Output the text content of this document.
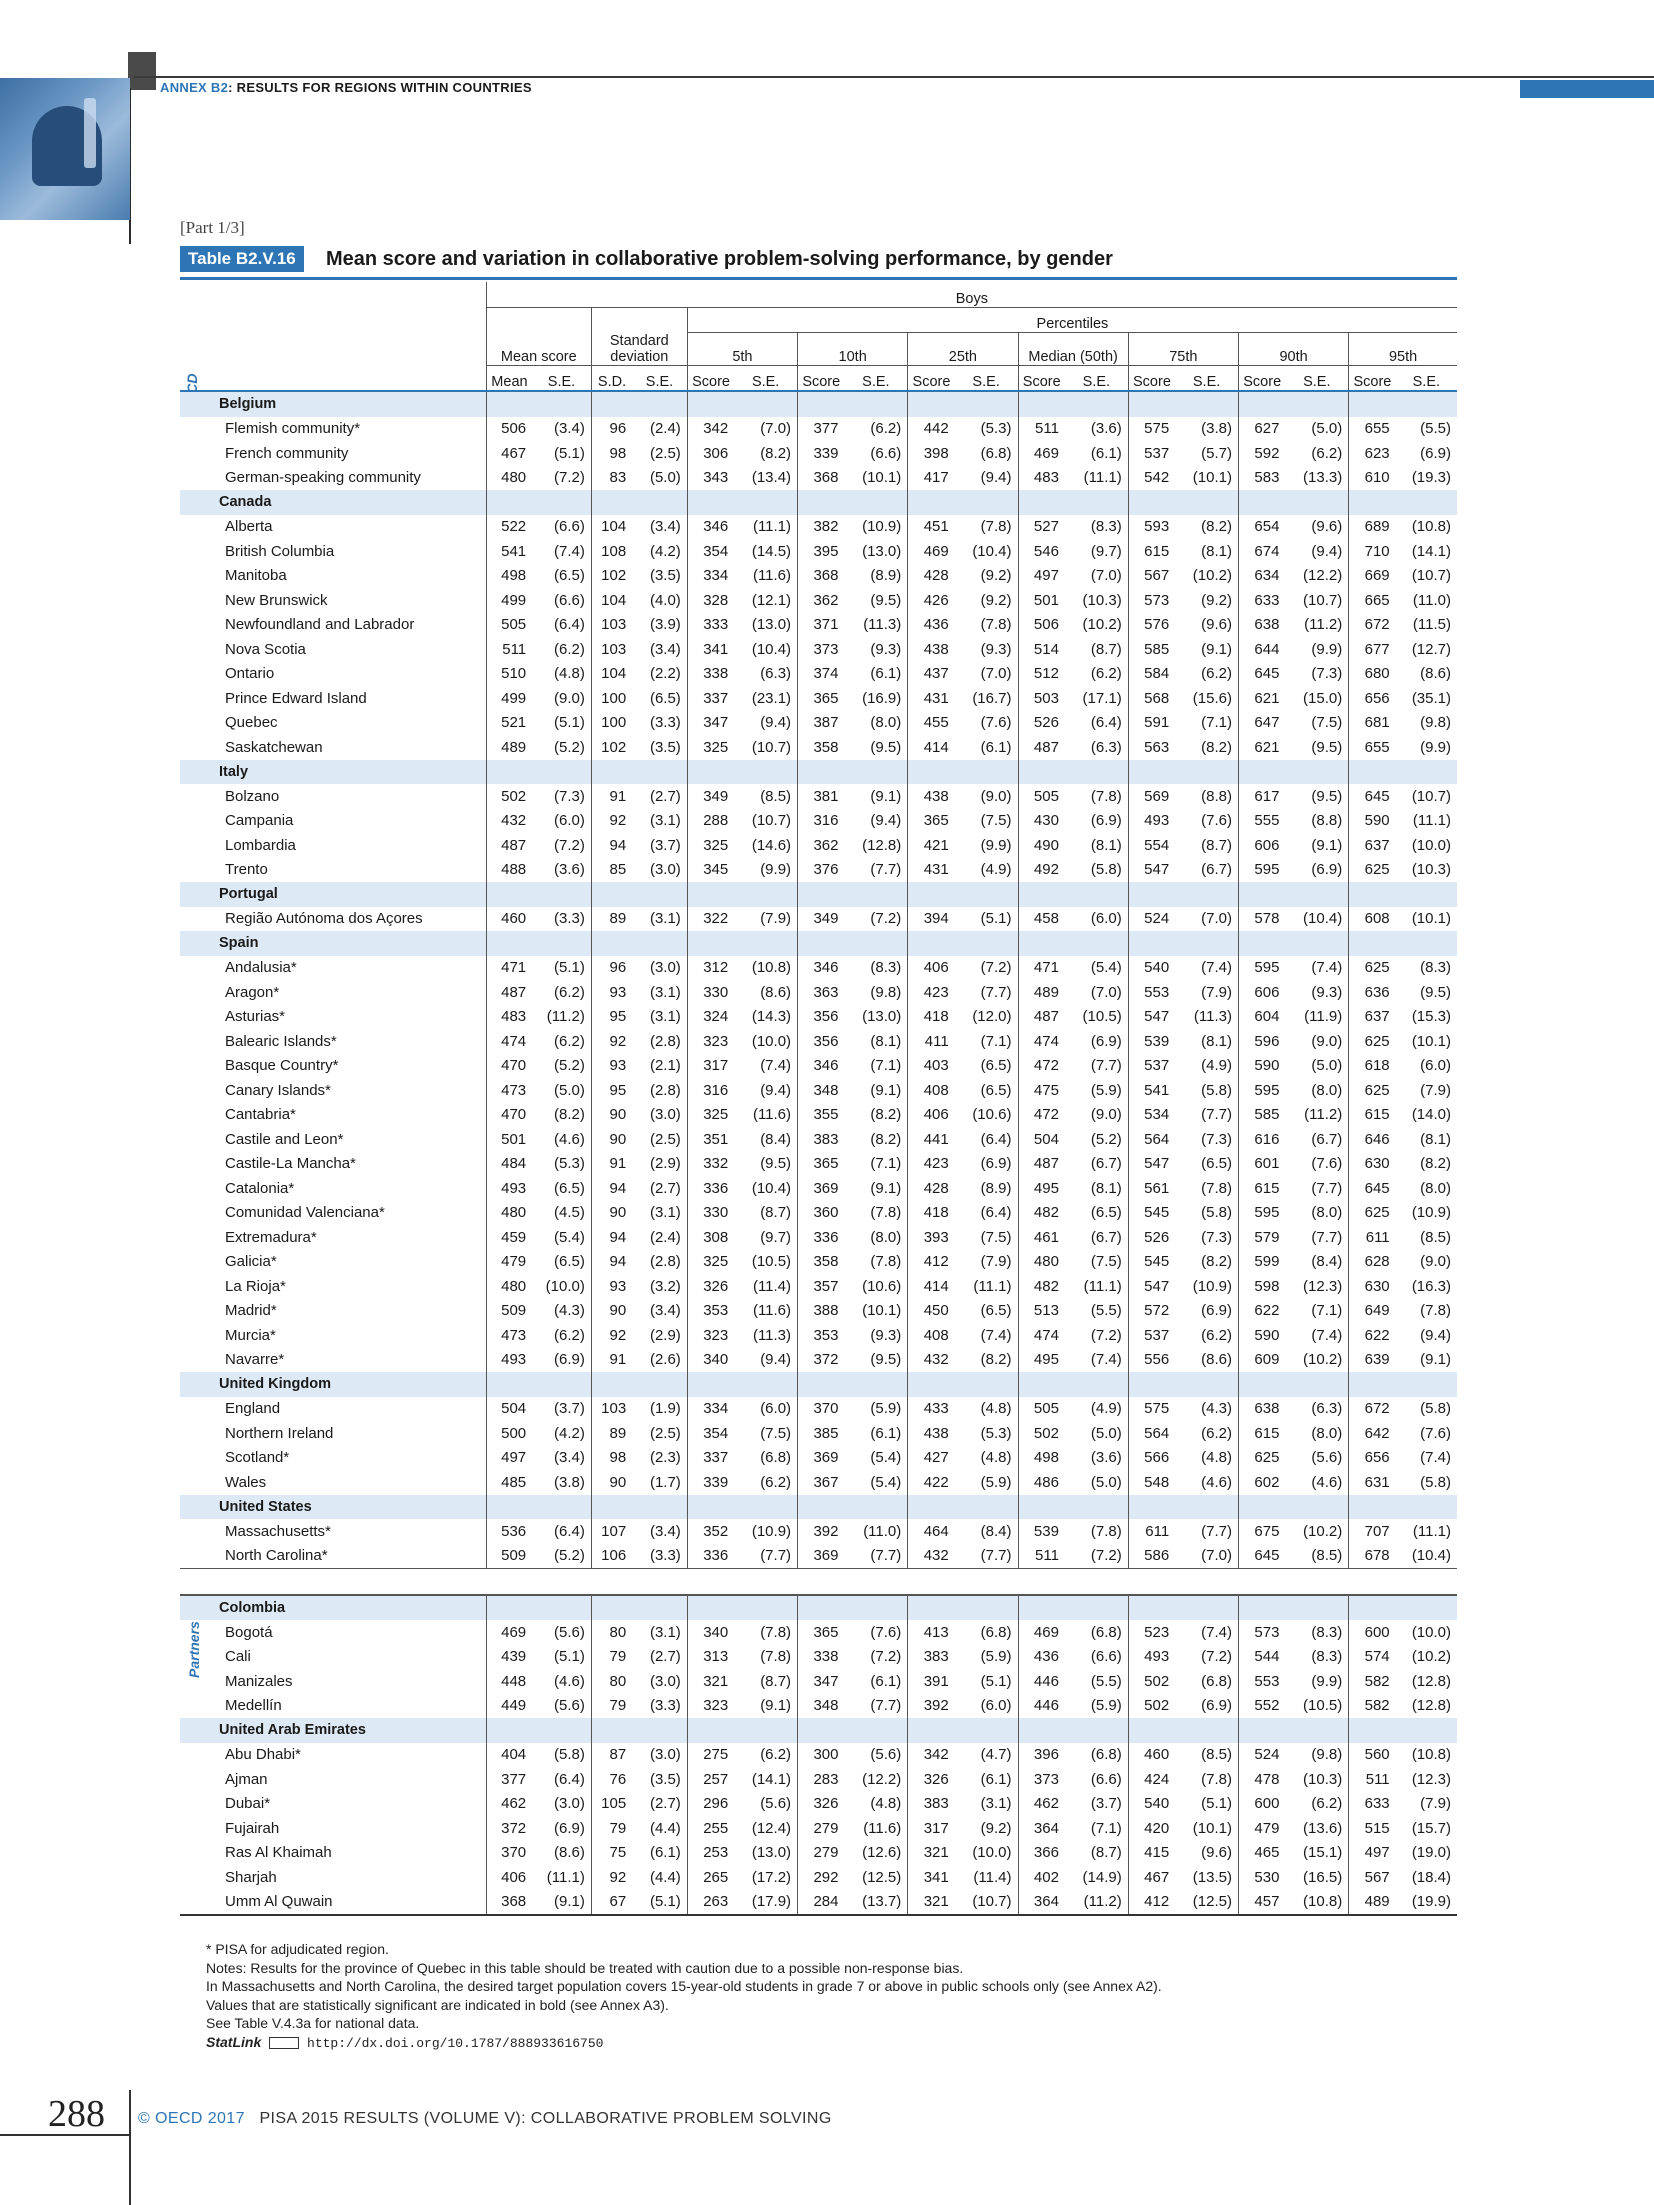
ANNEX B2: RESULTS FOR REGIONS WITHIN COUNTRIES
[Part 1/3]
Table B2.V.16	Mean score and variation in collaborative problem-solving performance, by gender
Partners
	Boys																	
					Percentiles													
	Mean score		Standard deviation		5th		10th		25th		Median (50th)		75th		90th		95th	
	Mean	S.E.	S.D.	S.E.	Score	S.E.	Score	S.E.	Score	S.E.	Score	S.E.	Score	S.E.	Score	S.E.	Score	S.E.
Belgium																		
Flemish community*	506	(3.4)	96	(2.4)	342	(7.0)	377	(6.2)	442	(5.3)	511	(3.6)	575	(3.8)	627	(5.0)	655	(5.5)
French community	467	(5.1)	98	(2.5)	306	(8.2)	339	(6.6)	398	(6.8)	469	(6.1)	537	(5.7)	592	(6.2)	623	(6.9)
German-speaking community	480	(7.2)	83	(5.0)	343	(13.4)	368	(10.1)	417	(9.4)	483	(11.1)	542	(10.1)	583	(13.3)	610	(19.3)
Canada																		
Alberta	522	(6.6)	104	(3.4)	346	(11.1)	382	(10.9)	451	(7.8)	527	(8.3)	593	(8.2)	654	(9.6)	689	(10.8)
British Columbia	541	(7.4)	108	(4.2)	354	(14.5)	395	(13.0)	469	(10.4)	546	(9.7)	615	(8.1)	674	(9.4)	710	(14.1)
Manitoba	498	(6.5)	102	(3.5)	334	(11.6)	368	(8.9)	428	(9.2)	497	(7.0)	567	(10.2)	634	(12.2)	669	(10.7)
New Brunswick	499	(6.6)	104	(4.0)	328	(12.1)	362	(9.5)	426	(9.2)	501	(10.3)	573	(9.2)	633	(10.7)	665	(11.0)
Newfoundland and Labrador	505	(6.4)	103	(3.9)	333	(13.0)	371	(11.3)	436	(7.8)	506	(10.2)	576	(9.6)	638	(11.2)	672	(11.5)
Nova Scotia	511	(6.2)	103	(3.4)	341	(10.4)	373	(9.3)	438	(9.3)	514	(8.7)	585	(9.1)	644	(9.9)	677	(12.7)
Ontario	510	(4.8)	104	(2.2)	338	(6.3)	374	(6.1)	437	(7.0)	512	(6.2)	584	(6.2)	645	(7.3)	680	(8.6)
Prince Edward Island	499	(9.0)	100	(6.5)	337	(23.1)	365	(16.9)	431	(16.7)	503	(17.1)	568	(15.6)	621	(15.0)	656	(35.1)
Quebec	521	(5.1)	100	(3.3)	347	(9.4)	387	(8.0)	455	(7.6)	526	(6.4)	591	(7.1)	647	(7.5)	681	(9.8)
Saskatchewan	489	(5.2)	102	(3.5)	325	(10.7)	358	(9.5)	414	(6.1)	487	(6.3)	563	(8.2)	621	(9.5)	655	(9.9)
Italy																		
Bolzano	502	(7.3)	91	(2.7)	349	(8.5)	381	(9.1)	438	(9.0)	505	(7.8)	569	(8.8)	617	(9.5)	645	(10.7)
Campania	432	(6.0)	92	(3.1)	288	(10.7)	316	(9.4)	365	(7.5)	430	(6.9)	493	(7.6)	555	(8.8)	590	(11.1)
Lombardia	487	(7.2)	94	(3.7)	325	(14.6)	362	(12.8)	421	(9.9)	490	(8.1)	554	(8.7)	606	(9.1)	637	(10.0)
Trento	488	(3.6)	85	(3.0)	345	(9.9)	376	(7.7)	431	(4.9)	492	(5.8)	547	(6.7)	595	(6.9)	625	(10.3)
Portugal																		
Região Autónoma dos Açores	460	(3.3)	89	(3.1)	322	(7.9)	349	(7.2)	394	(5.1)	458	(6.0)	524	(7.0)	578	(10.4)	608	(10.1)
Spain																		
Andalusia*	471	(5.1)	96	(3.0)	312	(10.8)	346	(8.3)	406	(7.2)	471	(5.4)	540	(7.4)	595	(7.4)	625	(8.3)
Aragon*	487	(6.2)	93	(3.1)	330	(8.6)	363	(9.8)	423	(7.7)	489	(7.0)	553	(7.9)	606	(9.3)	636	(9.5)
Asturias*	483	(11.2)	95	(3.1)	324	(14.3)	356	(13.0)	418	(12.0)	487	(10.5)	547	(11.3)	604	(11.9)	637	(15.3)
Balearic Islands*	474	(6.2)	92	(2.8)	323	(10.0)	356	(8.1)	411	(7.1)	474	(6.9)	539	(8.1)	596	(9.0)	625	(10.1)
Basque Country*	470	(5.2)	93	(2.1)	317	(7.4)	346	(7.1)	403	(6.5)	472	(7.7)	537	(4.9)	590	(5.0)	618	(6.0)
Canary Islands*	473	(5.0)	95	(2.8)	316	(9.4)	348	(9.1)	408	(6.5)	475	(5.9)	541	(5.8)	595	(8.0)	625	(7.9)
Cantabria*	470	(8.2)	90	(3.0)	325	(11.6)	355	(8.2)	406	(10.6)	472	(9.0)	534	(7.7)	585	(11.2)	615	(14.0)
Castile and Leon*	501	(4.6)	90	(2.5)	351	(8.4)	383	(8.2)	441	(6.4)	504	(5.2)	564	(7.3)	616	(6.7)	646	(8.1)
Castile-La Mancha*	484	(5.3)	91	(2.9)	332	(9.5)	365	(7.1)	423	(6.9)	487	(6.7)	547	(6.5)	601	(7.6)	630	(8.2)
Catalonia*	493	(6.5)	94	(2.7)	336	(10.4)	369	(9.1)	428	(8.9)	495	(8.1)	561	(7.8)	615	(7.7)	645	(8.0)
Comunidad Valenciana*	480	(4.5)	90	(3.1)	330	(8.7)	360	(7.8)	418	(6.4)	482	(6.5)	545	(5.8)	595	(8.0)	625	(10.9)
Extremadura*	459	(5.4)	94	(2.4)	308	(9.7)	336	(8.0)	393	(7.5)	461	(6.7)	526	(7.3)	579	(7.7)	611	(8.5)
Galicia*	479	(6.5)	94	(2.8)	325	(10.5)	358	(7.8)	412	(7.9)	480	(7.5)	545	(8.2)	599	(8.4)	628	(9.0)
La Rioja*	480	(10.0)	93	(3.2)	326	(11.4)	357	(10.6)	414	(11.1)	482	(11.1)	547	(10.9)	598	(12.3)	630	(16.3)
Madrid*	509	(4.3)	90	(3.4)	353	(11.6)	388	(10.1)	450	(6.5)	513	(5.5)	572	(6.9)	622	(7.1)	649	(7.8)
Murcia*	473	(6.2)	92	(2.9)	323	(11.3)	353	(9.3)	408	(7.4)	474	(7.2)	537	(6.2)	590	(7.4)	622	(9.4)
Navarre*	493	(6.9)	91	(2.6)	340	(9.4)	372	(9.5)	432	(8.2)	495	(7.4)	556	(8.6)	609	(10.2)	639	(9.1)
United Kingdom																		
England	504	(3.7)	103	(1.9)	334	(6.0)	370	(5.9)	433	(4.8)	505	(4.9)	575	(4.3)	638	(6.3)	672	(5.8)
Northern Ireland	500	(4.2)	89	(2.5)	354	(7.5)	385	(6.1)	438	(5.3)	502	(5.0)	564	(6.2)	615	(8.0)	642	(7.6)
Scotland*	497	(3.4)	98	(2.3)	337	(6.8)	369	(5.4)	427	(4.8)	498	(3.6)	566	(4.8)	625	(5.6)	656	(7.4)
Wales	485	(3.8)	90	(1.7)	339	(6.2)	367	(5.4)	422	(5.9)	486	(5.0)	548	(4.6)	602	(4.6)	631	(5.8)
United States																		
Massachusetts*	536	(6.4)	107	(3.4)	352	(10.9)	392	(11.0)	464	(8.4)	539	(7.8)	611	(7.7)	675	(10.2)	707	(11.1)
North Carolina*	509	(5.2)	106	(3.3)	336	(7.7)	369	(7.7)	432	(7.7)	511	(7.2)	586	(7.0)	645	(8.5)	678	(10.4)

Colombia																		
Bogotá	469	(5.6)	80	(3.1)	340	(7.8)	365	(7.6)	413	(6.8)	469	(6.8)	523	(7.4)	573	(8.3)	600	(10.0)
Cali	439	(5.1)	79	(2.7)	313	(7.8)	338	(7.2)	383	(5.9)	436	(6.6)	493	(7.2)	544	(8.3)	574	(10.2)
Manizales	448	(4.6)	80	(3.0)	321	(8.7)	347	(6.1)	391	(5.1)	446	(5.5)	502	(6.8)	553	(9.9)	582	(12.8)
Medellín	449	(5.6)	79	(3.3)	323	(9.1)	348	(7.7)	392	(6.0)	446	(5.9)	502	(6.9)	552	(10.5)	582	(12.8)
United Arab Emirates																		
Abu Dhabi*	404	(5.8)	87	(3.0)	275	(6.2)	300	(5.6)	342	(4.7)	396	(6.8)	460	(8.5)	524	(9.8)	560	(10.8)
Ajman	377	(6.4)	76	(3.5)	257	(14.1)	283	(12.2)	326	(6.1)	373	(6.6)	424	(7.8)	478	(10.3)	511	(12.3)
Dubai*	462	(3.0)	105	(2.7)	296	(5.6)	326	(4.8)	383	(3.1)	462	(3.7)	540	(5.1)	600	(6.2)	633	(7.9)
Fujairah	372	(6.9)	79	(4.4)	255	(12.4)	279	(11.6)	317	(9.2)	364	(7.1)	420	(10.1)	479	(13.6)	515	(15.7)
Ras Al Khaimah	370	(8.6)	75	(6.1)	253	(13.0)	279	(12.6)	321	(10.0)	366	(8.7)	415	(9.6)	465	(15.1)	497	(19.0)
Sharjah	406	(11.1)	92	(4.4)	265	(17.2)	292	(12.5)	341	(11.4)	402	(14.9)	467	(13.5)	530	(16.5)	567	(18.4)
Umm Al Quwain	368	(9.1)	67	(5.1)	263	(17.9)	284	(13.7)	321	(10.7)	364	(11.2)	412	(12.5)	457	(10.8)	489	(19.9)
* PISA for adjudicated region.
Notes: Results for the province of Quebec in this table should be treated with caution due to a possible non-response bias.
In Massachusetts and North Carolina, the desired target population covers 15-year-old students in grade 7 or above in public schools only (see Annex A2).
Values that are statistically significant are indicated in bold (see Annex A3).
See Table V.4.3a for national data.
StatLink	http://dx.doi.org/10.1787/888933616750
288 © OECD 2017 PISA 2015 RESULTS (VOLUME V): COLLABORATIVE PROBLEM SOLVING
